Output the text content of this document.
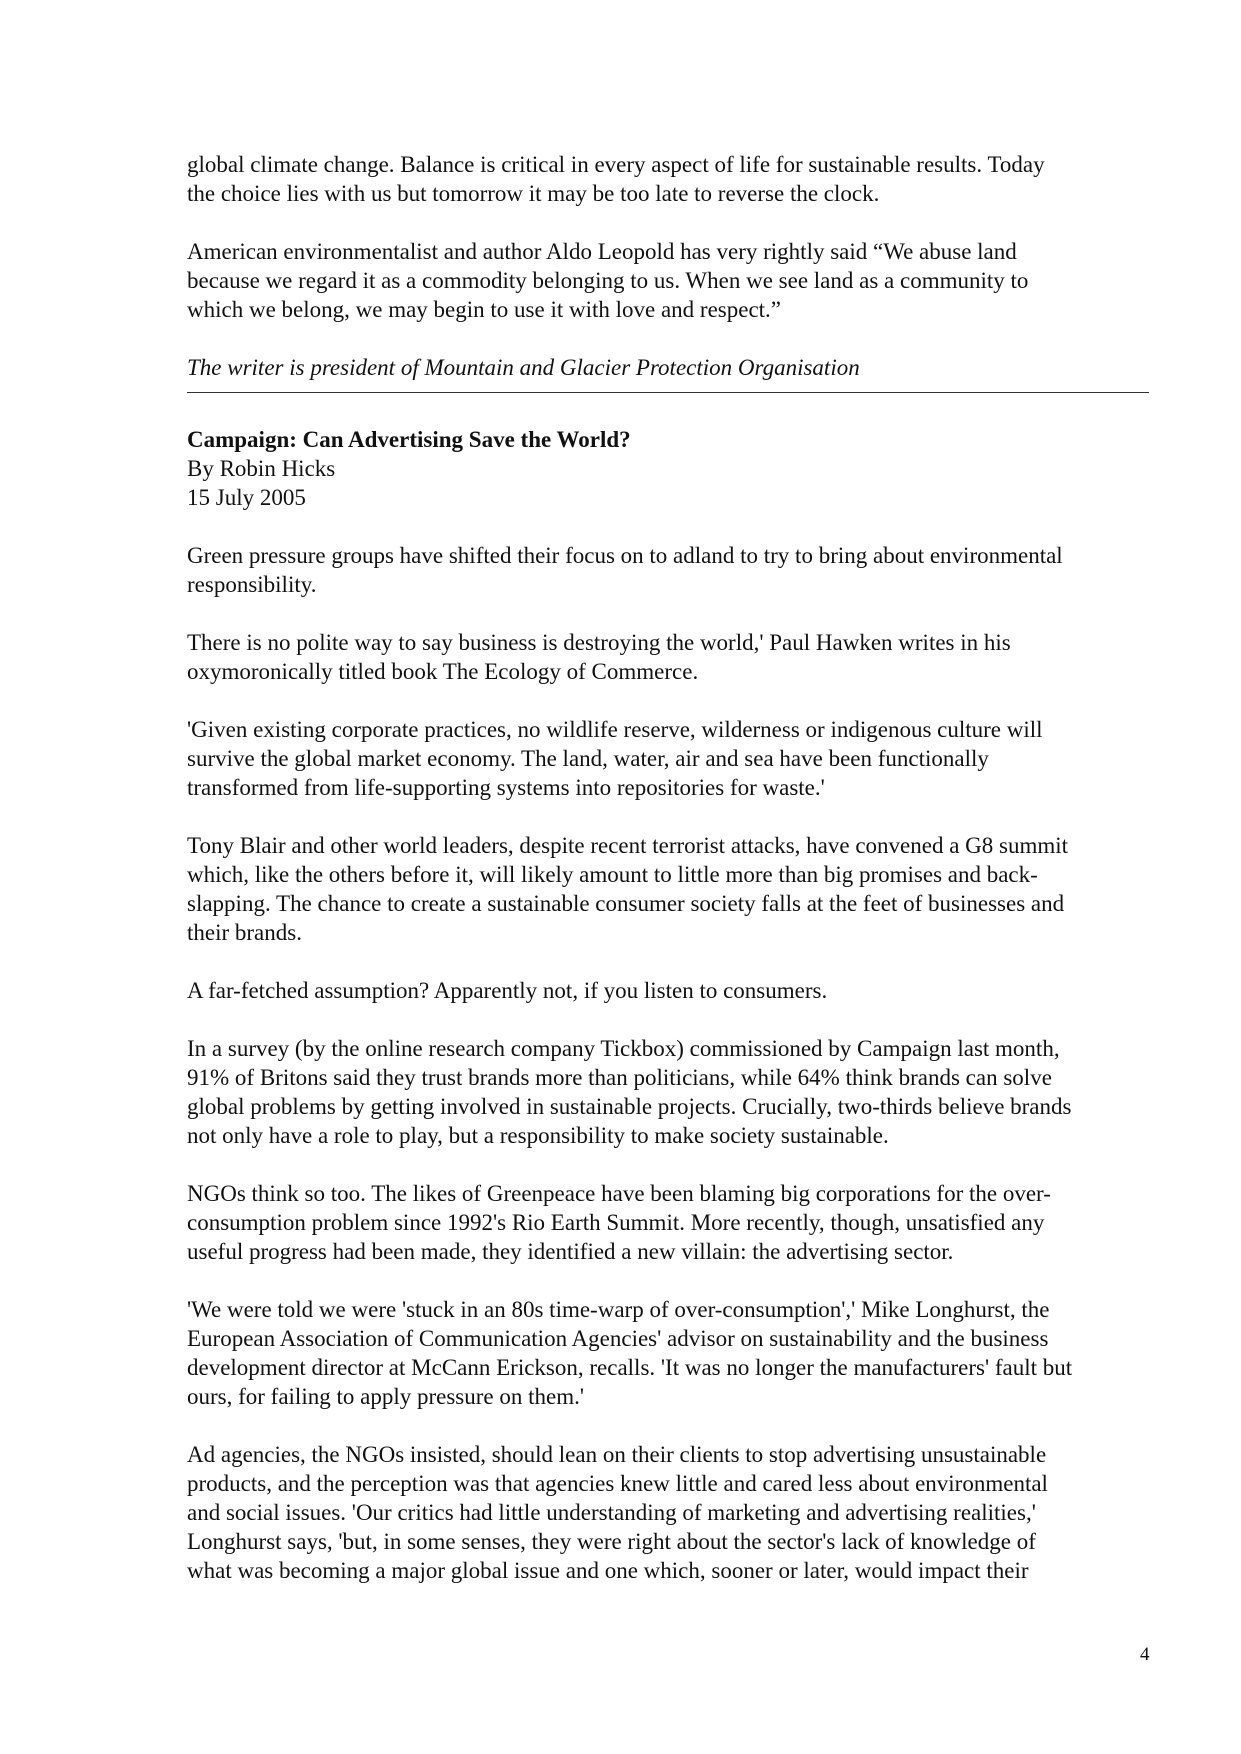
global climate change. Balance is critical in every aspect of life for sustainable results. Today
the choice lies with us but tomorrow it may be too late to reverse the clock.

American environmentalist and author Aldo Leopold has very rightly said “We abuse land
because we regard it as a commodity belonging to us. When we see land as a community to
which we belong, we may begin to use it with love and respect.”

The writer is president of Mountain and Glacier Protection Organisation

Campaign: Can Advertising Save the World?

By Robin Hicks

15 July 2005

Green pressure groups have shifted their focus on to adland to try to bring about environmental
responsibility.

There is no polite way to say business is destroying the world,' Paul Hawken writes in his
oxymoronically titled book The Ecology of Commerce.

'Given existing corporate practices, no wildlife reserve, wilderness or indigenous culture will
survive the global market economy. The land, water, air and sea have been functionally
transformed from life-supporting systems into repositories for waste.'

Tony Blair and other world leaders, despite recent terrorist attacks, have convened a G8 summit
which, like the others before it, will likely amount to little more than big promises and back-
slapping. The chance to create a sustainable consumer society falls at the feet of businesses and
their brands.

A far-fetched assumption? Apparently not, if you listen to consumers.

In a survey (by the online research company Tickbox) commissioned by Campaign last month,
91% of Britons said they trust brands more than politicians, while 64% think brands can solve
global problems by getting involved in sustainable projects. Crucially, two-thirds believe brands
not only have a role to play, but a responsibility to make society sustainable.

NGOs think so too. The likes of Greenpeace have been blaming big corporations for the over-
consumption problem since 1992's Rio Earth Summit. More recently, though, unsatisfied any
useful progress had been made, they identified a new villain: the advertising sector.

'We were told we were 'stuck in an 80s time-warp of over-consumption',' Mike Longhurst, the
European Association of Communication Agencies' advisor on sustainability and the business
development director at McCann Erickson, recalls. 'It was no longer the manufacturers' fault but
ours, for failing to apply pressure on them.'

Ad agencies, the NGOs insisted, should lean on their clients to stop advertising unsustainable
products, and the perception was that agencies knew little and cared less about environmental
and social issues. 'Our critics had little understanding of marketing and advertising realities,'
Longhurst says, 'but, in some senses, they were right about the sector's lack of knowledge of
what was becoming a major global issue and one which, sooner or later, would impact their

4
